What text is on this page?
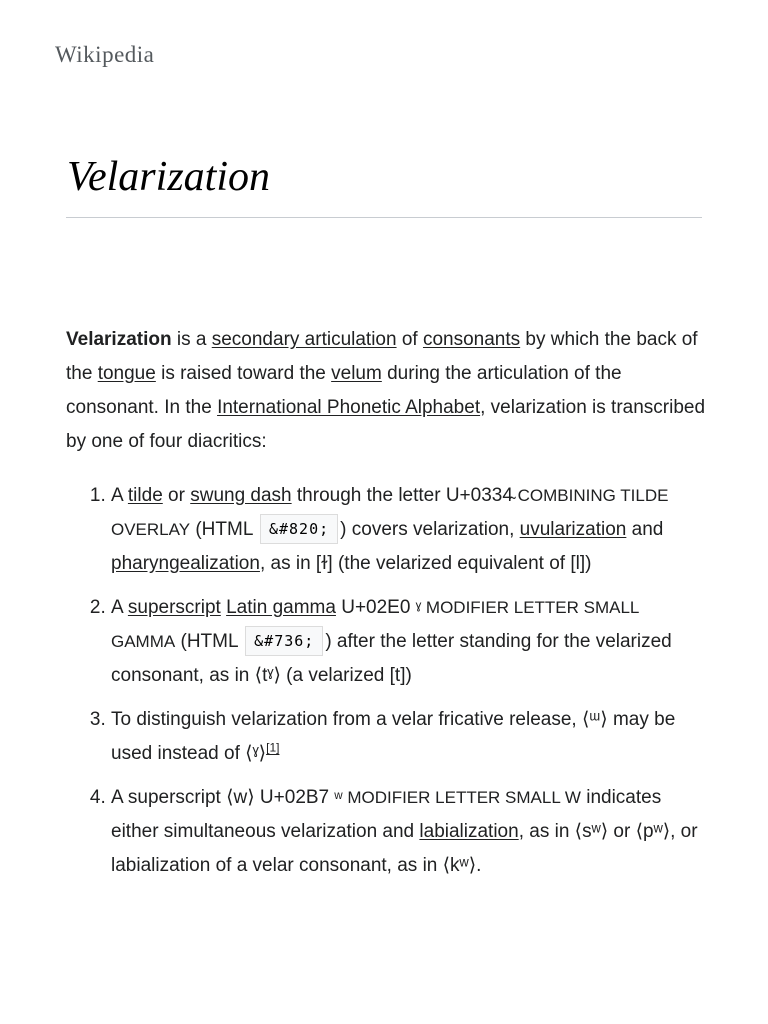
Wikipedia
Velarization

Velarization is a secondary articulation of consonants by which the back of the tongue is raised toward the velum during the articulation of the consonant. In the International Phonetic Alphabet, velarization is transcribed by one of four diacritics:

1. A tilde or swung dash through the letter U+0334 COMBINING TILDE OVERLAY (HTML &#820; ) covers velarization, uvularization and pharyngealization, as in [ɫ] (the velarized equivalent of [l])
2. A superscript Latin gamma U+02E0 ˠ MODIFIER LETTER SMALL GAMMA (HTML &#736; ) after the letter standing for the velarized consonant, as in ⟨tˠ⟩ (a velarized [t])
3. To distinguish velarization from a velar fricative release, ⟨ᵚ⟩ may be used instead of ⟨ˠ⟩[1]
4. A superscript ⟨w⟩ U+02B7 ʷ MODIFIER LETTER SMALL W indicates either simultaneous velarization and labialization, as in ⟨sʷ⟩ or ⟨pʷ⟩, or labialization of a velar consonant, as in ⟨kʷ⟩.
